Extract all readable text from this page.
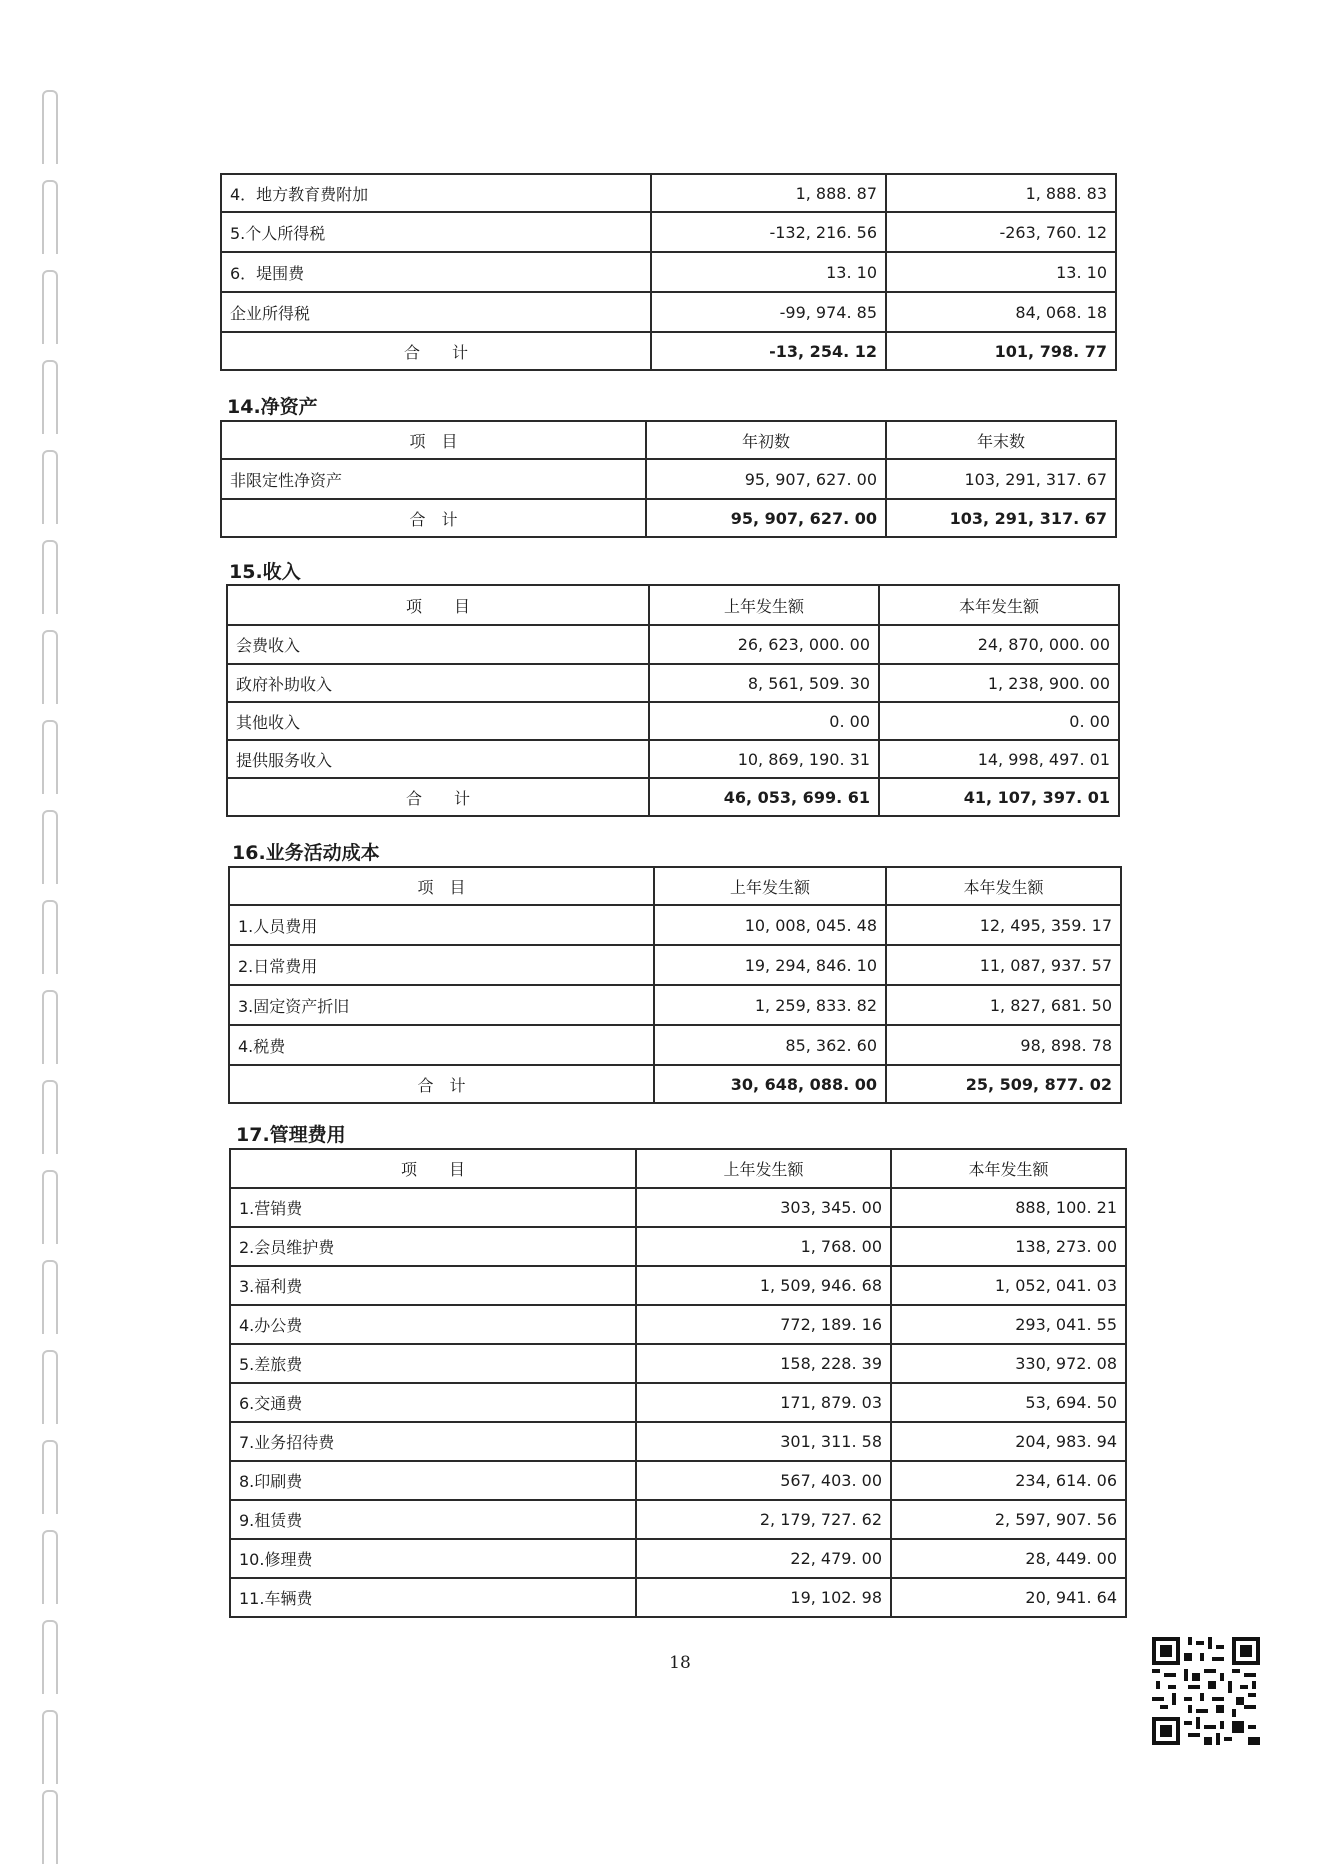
4．地方教育费附加	1, 888. 87	1, 888. 83
5.个人所得税	-132, 216. 56	-263, 760. 12
6．堤围费	13. 10	13. 10
企业所得税	-99, 974. 85	84, 068. 18
合　　计	-13, 254. 12	101, 798. 77
14.净资产
项　目	年初数	年末数
非限定性净资产	95, 907, 627. 00	103, 291, 317. 67
合　计	95, 907, 627. 00	103, 291, 317. 67
15.收入
项　　目	上年发生额	本年发生额
会费收入	26, 623, 000. 00	24, 870, 000. 00
政府补助收入	8, 561, 509. 30	1, 238, 900. 00
其他收入	0. 00	0. 00
提供服务收入	10, 869, 190. 31	14, 998, 497. 01
合　　计	46, 053, 699. 61	41, 107, 397. 01
16.业务活动成本
项　目	上年发生额	本年发生额
1.人员费用	10, 008, 045. 48	12, 495, 359. 17
2.日常费用	19, 294, 846. 10	11, 087, 937. 57
3.固定资产折旧	1, 259, 833. 82	1, 827, 681. 50
4.税费	85, 362. 60	98, 898. 78
合　计	30, 648, 088. 00	25, 509, 877. 02
17.管理费用
项　　目	上年发生额	本年发生额
1.营销费	303, 345. 00	888, 100. 21
2.会员维护费	1, 768. 00	138, 273. 00
3.福利费	1, 509, 946. 68	1, 052, 041. 03
4.办公费	772, 189. 16	293, 041. 55
5.差旅费	158, 228. 39	330, 972. 08
6.交通费	171, 879. 03	53, 694. 50
7.业务招待费	301, 311. 58	204, 983. 94
8.印刷费	567, 403. 00	234, 614. 06
9.租赁费	2, 179, 727. 62	2, 597, 907. 56
10.修理费	22, 479. 00	28, 449. 00
11.车辆费	19, 102. 98	20, 941. 64
18
